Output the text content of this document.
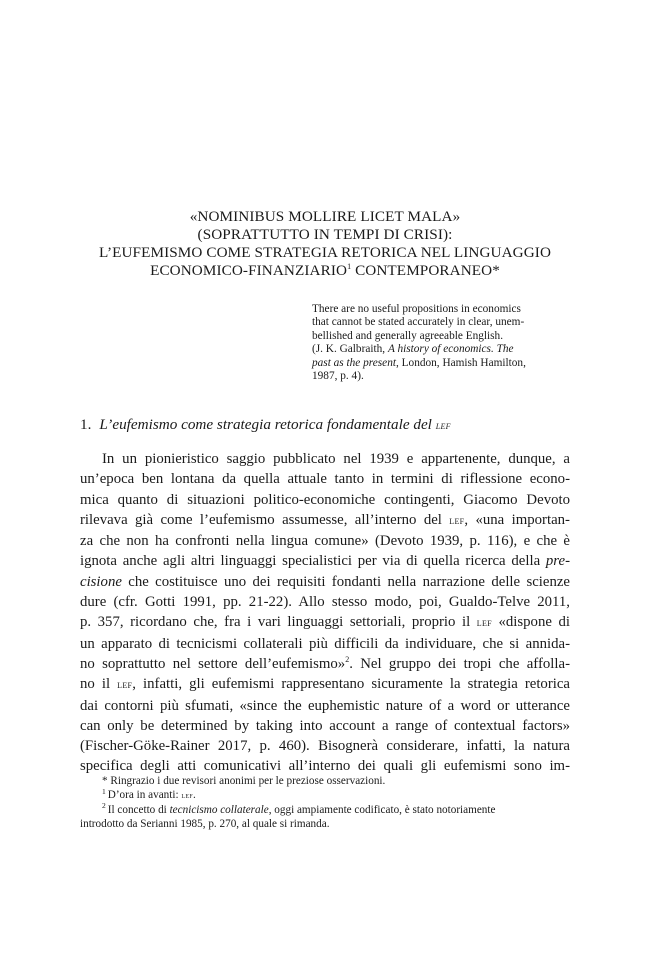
«NOMINIBUS MOLLIRE LICET MALA»
(SOPRATTUTTO IN TEMPI DI CRISI):
L’EUFEMISMO COME STRATEGIA RETORICA NEL LINGUAGGIO
ECONOMICO-FINANZIARIO$^1$ CONTEMPORANEO*
There are no useful propositions in economics
that cannot be stated accurately in clear, unem-
bellished and generally agreeable English.
(J. K. Galbraith, A history of economics. The
past as the present, London, Hamish Hamilton,
1987, p. 4).
1. L’eufemismo come strategia retorica fondamentale del lef
In un pionieristico saggio pubblicato nel 1939 e appartenente, dunque, a
un’epoca ben lontana da quella attuale tanto in termini di riflessione econo-
mica quanto di situazioni politico-economiche contingenti, Giacomo Devoto
rilevava già come l’eufemismo assumesse, all’interno del lef, «una importan-
za che non ha confronti nella lingua comune» (Devoto 1939, p. 116), e che è
ignota anche agli altri linguaggi specialistici per via di quella ricerca della pre-
cisione che costituisce uno dei requisiti fondanti nella narrazione delle scienze
dure (cfr. Gotti 1991, pp. 21-22). Allo stesso modo, poi, Gualdo-Telve 2011,
p. 357, ricordano che, fra i vari linguaggi settoriali, proprio il lef «dispone di
un apparato di tecnicismi collaterali più difficili da individuare, che si annida-
no soprattutto nel settore dell’eufemismo»$^2$. Nel gruppo dei tropi che affolla-
no il lef, infatti, gli eufemismi rappresentano sicuramente la strategia retorica
dai contorni più sfumati, «since the euphemistic nature of a word or utterance
can only be determined by taking into account a range of contextual factors»
(Fischer-Göke-Rainer 2017, p. 460). Bisognerà considerare, infatti, la natura
specifica degli atti comunicativi all’interno dei quali gli eufemismi sono im-
* Ringrazio i due revisori anonimi per le preziose osservazioni.
$^1$ D’ora in avanti: lef.
$^2$ Il concetto di tecnicismo collaterale, oggi ampiamente codificato, è stato notoriamente
introdotto da Serianni 1985, p. 270, al quale si rimanda.
